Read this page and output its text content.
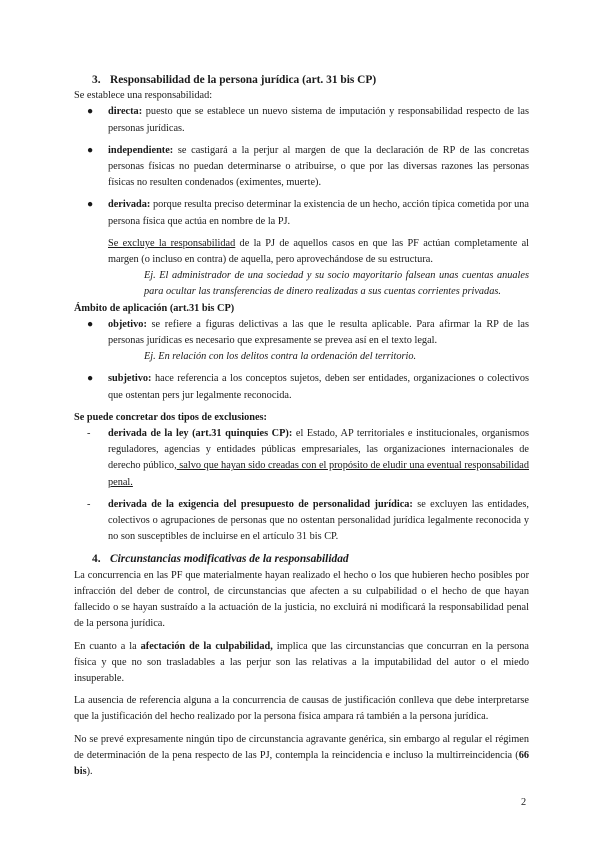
3. Responsabilidad de la persona jurídica (art. 31 bis CP)

Se establece una responsabilidad:

● directa: puesto que se establece un nuevo sistema de imputación y responsabilidad respecto de las personas jurídicas.
● independiente: se castigará a la perjur al margen de que la declaración de RP de las concretas personas físicas no puedan determinarse o atribuirse, o que por las diversas razones las personas físicas no resulten condenados (eximentes, muerte).
● derivada: porque resulta preciso determinar la existencia de un hecho, acción típica cometida por una persona física que actúa en nombre de la PJ.

Se excluye la responsabilidad de la PJ de aquellos casos en que las PF actúan completamente al margen (o incluso en contra) de aquella, pero aprovechándose de su estructura.

Ej. El administrador de una sociedad y su socio mayoritario falsean unas cuentas anuales para ocultar las transferencias de dinero realizadas a sus cuentas corrientes privadas.

Ámbito de aplicación (art.31 bis CP)

● objetivo: se refiere a figuras delictivas a las que le resulta aplicable. Para afirmar la RP de las personas jurídicas es necesario que expresamente se prevea así en el texto legal.

Ej. En relación con los delitos contra la ordenación del territorio.

● subjetivo: hace referencia a los conceptos sujetos, deben ser entidades, organizaciones o colectivos que ostentan pers jur legalmente reconocida.

Se puede concretar dos tipos de exclusiones:

- derivada de la ley (art.31 quinquies CP): el Estado, AP territoriales e institucionales, organismos reguladores, agencias y entidades públicas empresariales, las organizaciones internacionales de derecho público, salvo que hayan sido creadas con el propósito de eludir una eventual responsabilidad penal.

- derivada de la exigencia del presupuesto de personalidad jurídica: se excluyen las entidades, colectivos o agrupaciones de personas que no ostentan personalidad jurídica legalmente reconocida y no son susceptibles de incluirse en el artículo 31 bis CP.

4. Circunstancias modificativas de la responsabilidad

La concurrencia en las PF que materialmente hayan realizado el hecho o los que hubieren hecho posibles por infracción del deber de control, de circunstancias que afecten a su culpabilidad o el hecho de que hayan fallecido o se hayan sustraído a la actuación de la justicia, no excluirá ni modificará la responsabilidad penal de la persona jurídica.

En cuanto a la afectación de la culpabilidad, implica que las circunstancias que concurran en la persona física y que no son trasladables a las perjur son las relativas a la imputabilidad del autor o el miedo insuperable.

La ausencia de referencia alguna a la concurrencia de causas de justificación conlleva que debe interpretarse que la justificación del hecho realizado por la persona física ampara rá también a la persona jurídica.

No se prevé expresamente ningún tipo de circunstancia agravante genérica, sin embargo al regular el régimen de determinación de la pena respecto de las PJ, contempla la reincidencia e incluso la multirreincidencia (66 bis).

2
